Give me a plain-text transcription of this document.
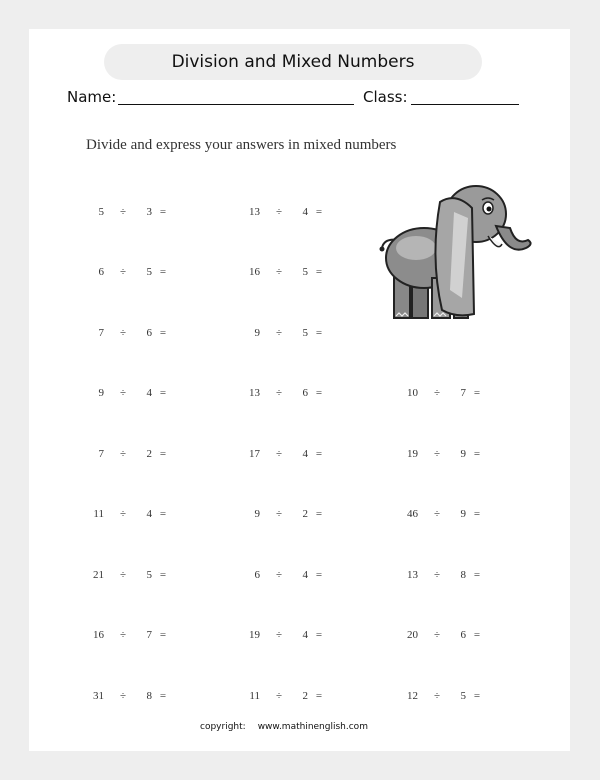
Division and Mixed Numbers
Name:	Class:
Divide and express your answers in mixed numbers
5 ÷	3 =
6 ÷	5 =
7 ÷	6 =
9 ÷	4 =
7 ÷	2 =
11 ÷	4 =
21 ÷	5 =
16 ÷	7 =
31 ÷	8 =
13 ÷	4 =
16 ÷	5 =
9 ÷	5 =
13 ÷	6 =
17 ÷	4 =
9 ÷	2 =
6 ÷	4 =
19 ÷	4 =
11 ÷	2 =
10 ÷	7 =
19 ÷	9 =
46 ÷	9 =
13 ÷	8 =
20 ÷	6 =
12 ÷	5 =
copyright: www.mathinenglish.com
